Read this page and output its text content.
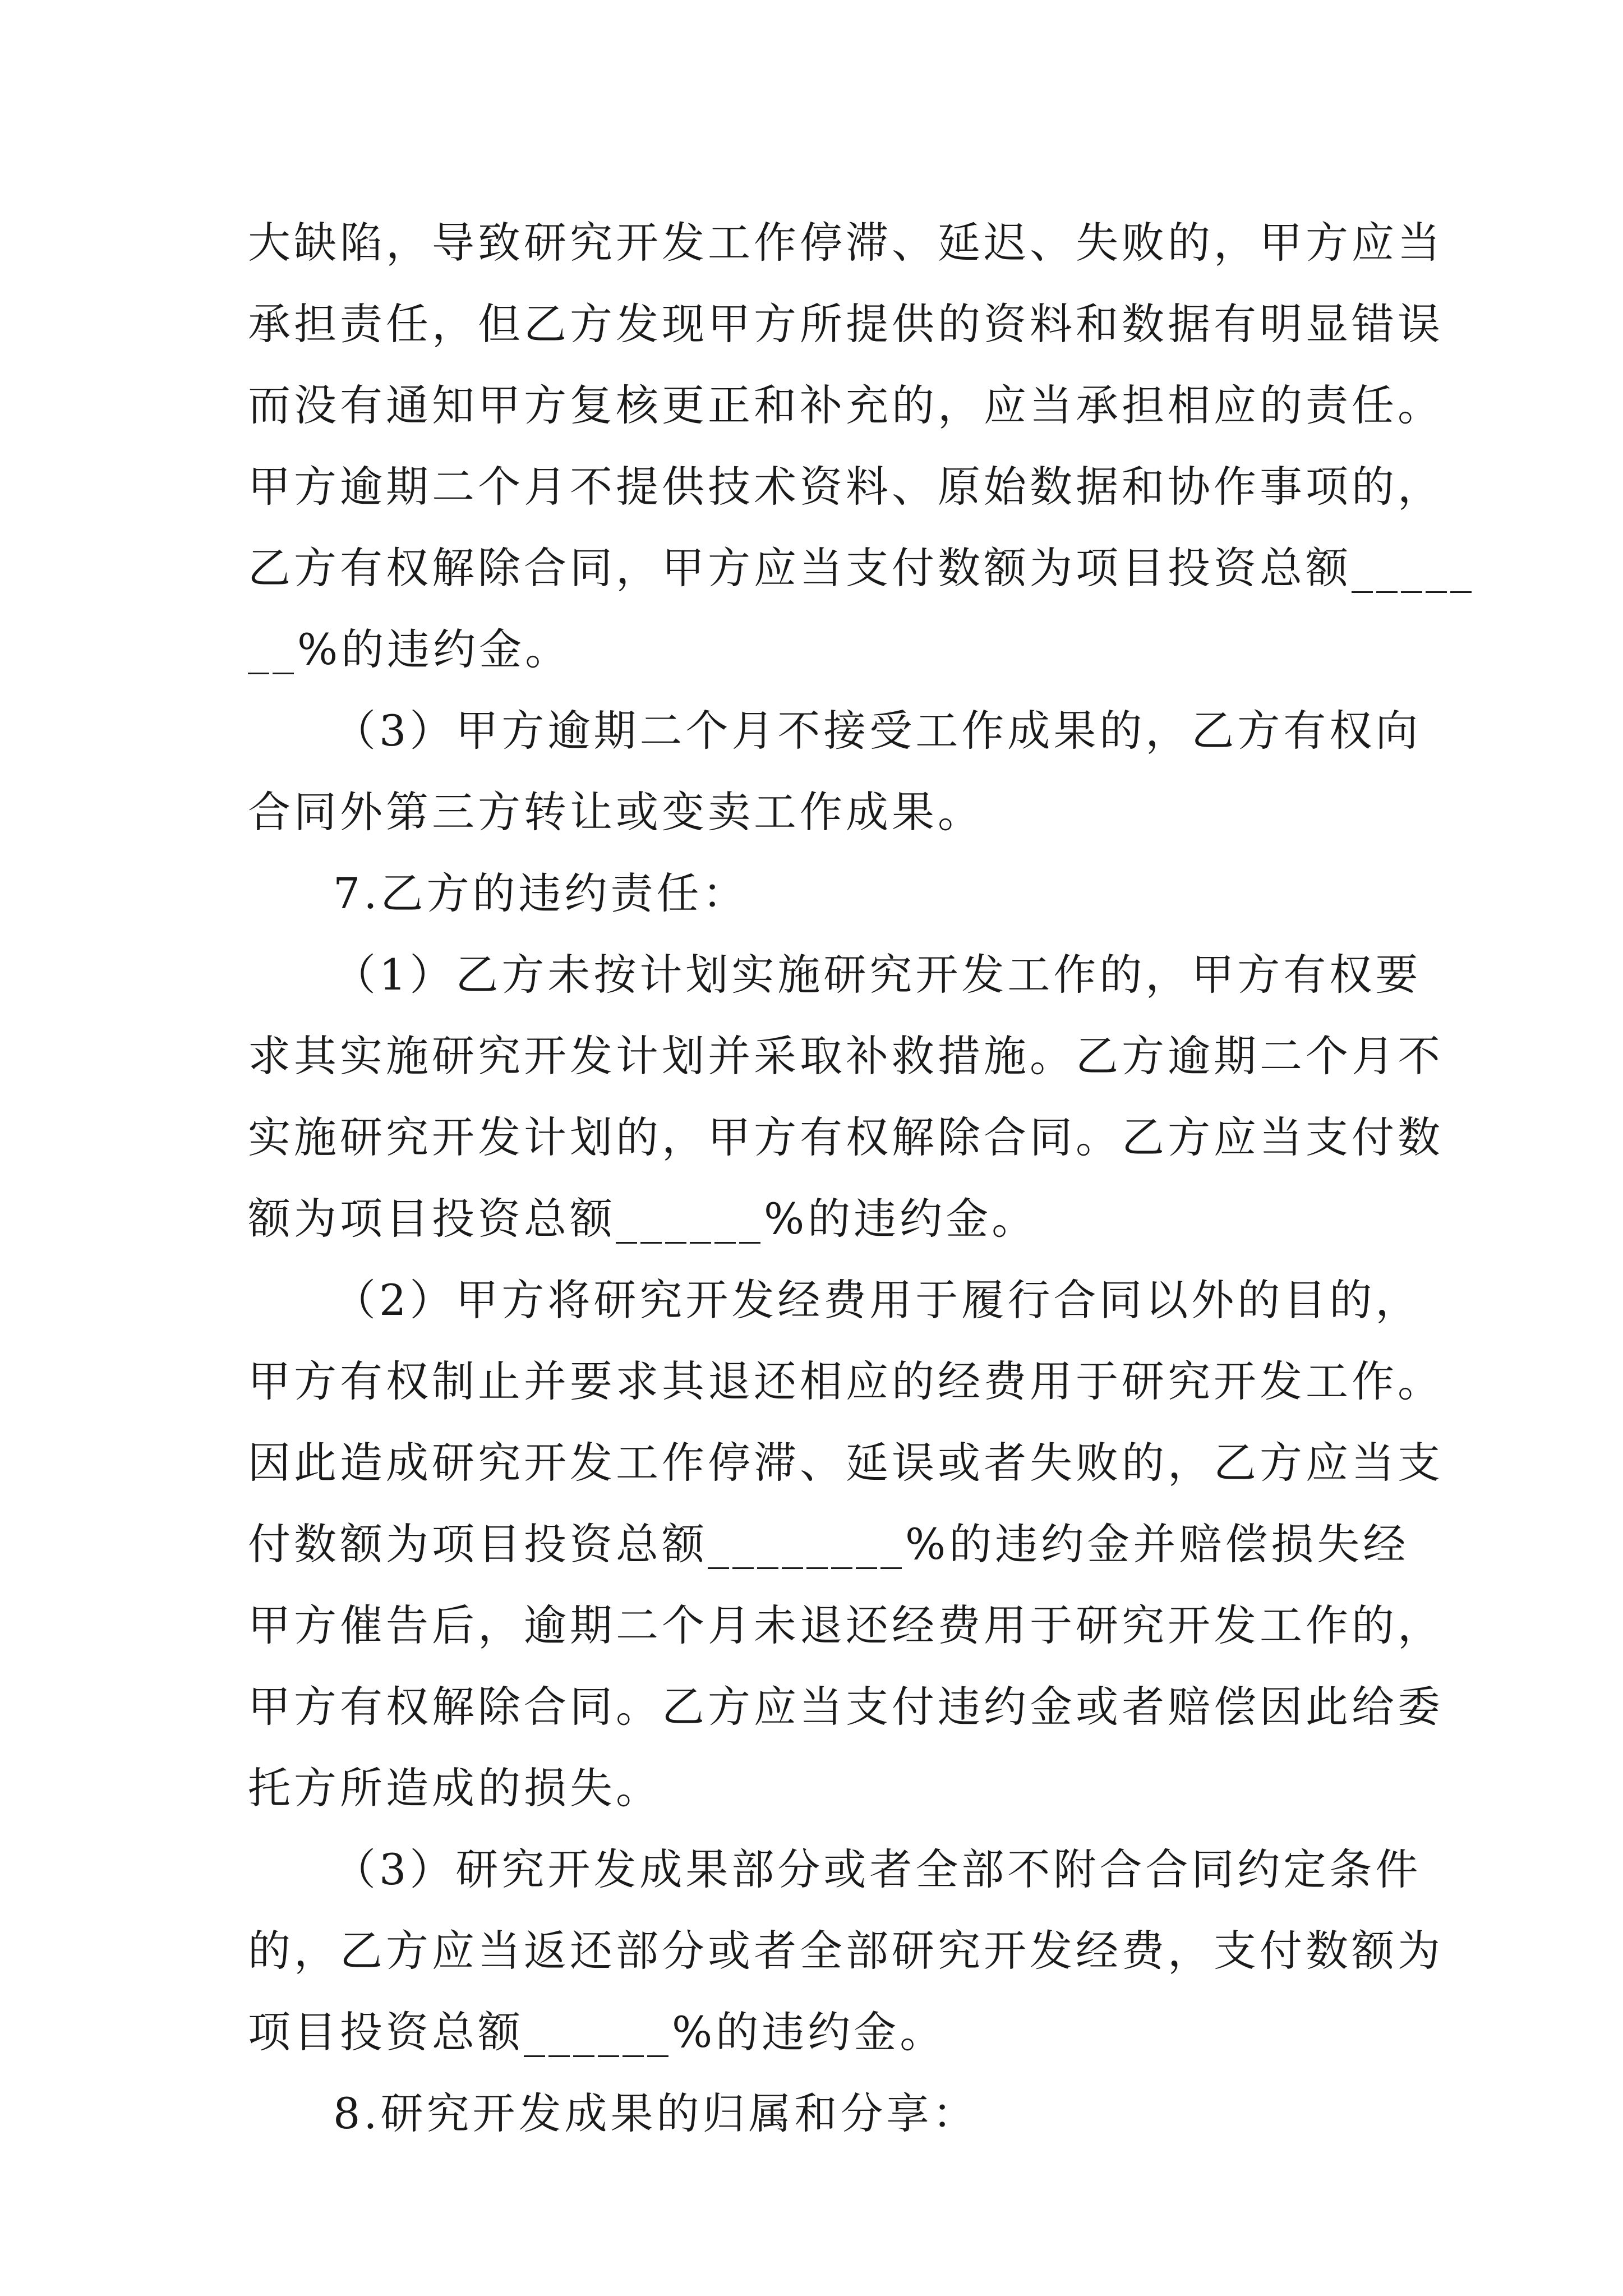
大缺陷，导致研究开发工作停滞、延迟、失败的，甲方应当
承担责任，但乙方发现甲方所提供的资料和数据有明显错误
而没有通知甲方复核更正和补充的，应当承担相应的责任。
甲方逾期二个月不提供技术资料、原始数据和协作事项的，
乙方有权解除合同，甲方应当支付数额为项目投资总额_____
__%的违约金。
（3）甲方逾期二个月不接受工作成果的，乙方有权向
合同外第三方转让或变卖工作成果。
7.乙方的违约责任：
（1）乙方未按计划实施研究开发工作的，甲方有权要
求其实施研究开发计划并采取补救措施。乙方逾期二个月不
实施研究开发计划的，甲方有权解除合同。乙方应当支付数
额为项目投资总额______%的违约金。
（2）甲方将研究开发经费用于履行合同以外的目的，
甲方有权制止并要求其退还相应的经费用于研究开发工作。
因此造成研究开发工作停滞、延误或者失败的，乙方应当支
付数额为项目投资总额________%的违约金并赔偿损失经
甲方催告后，逾期二个月未退还经费用于研究开发工作的，
甲方有权解除合同。乙方应当支付违约金或者赔偿因此给委
托方所造成的损失。
（3）研究开发成果部分或者全部不附合合同约定条件
的，乙方应当返还部分或者全部研究开发经费，支付数额为
项目投资总额______%的违约金。
8.研究开发成果的归属和分享：
